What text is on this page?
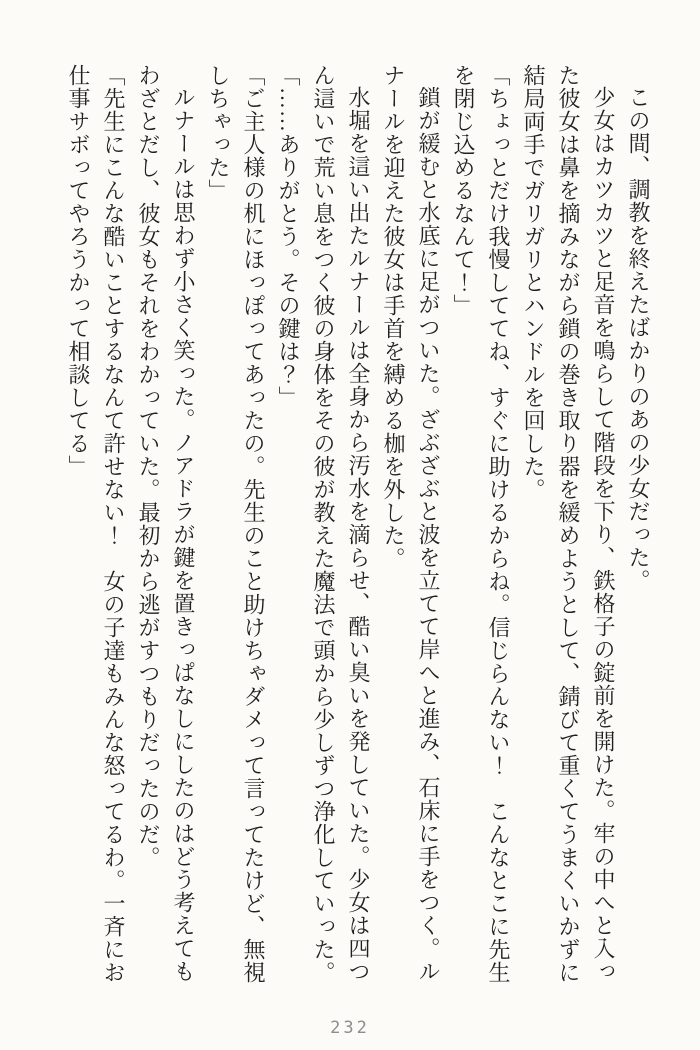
この間、調教を終えたばかりのあの少女だった。

少女はカツカツと足音を鳴らして階段を下り、鉄格子の錠前を開けた。牢の中へと入った彼女は鼻を摘みながら鎖の巻き取り器を緩めようとして、錆びて重くてうまくいかずに結局両手でガリガリとハンドルを回した。

「ちょっとだけ我慢しててね、すぐに助けるからね。信じらんない！　こんなとこに先生を閉じ込めるなんて！」

鎖が緩むと水底に足がついた。ざぶざぶと波を立てて岸へと進み、石床に手をつく。ルナールを迎えた彼女は手首を縛める枷を外した。

水堀を這い出たルナールは全身から汚水を滴らせ、酷い臭いを発していた。少女は四つん這いで荒い息をつく彼の身体をその彼が教えた魔法で頭から少しずつ浄化していった。

「……ありがとう。その鍵は？」

「ご主人様の机にほっぽってあったの。先生のこと助けちゃダメって言ってたけど、無視しちゃった」

ルナールは思わず小さく笑った。ノアドラが鍵を置きっぱなしにしたのはどう考えてもわざとだし、彼女もそれをわかっていた。最初から逃がすつもりだったのだ。

「先生にこんな酷いことするなんて許せない！　女の子達もみんな怒ってるわ。一斉にお仕事サボってやろうかって相談してる」

232
